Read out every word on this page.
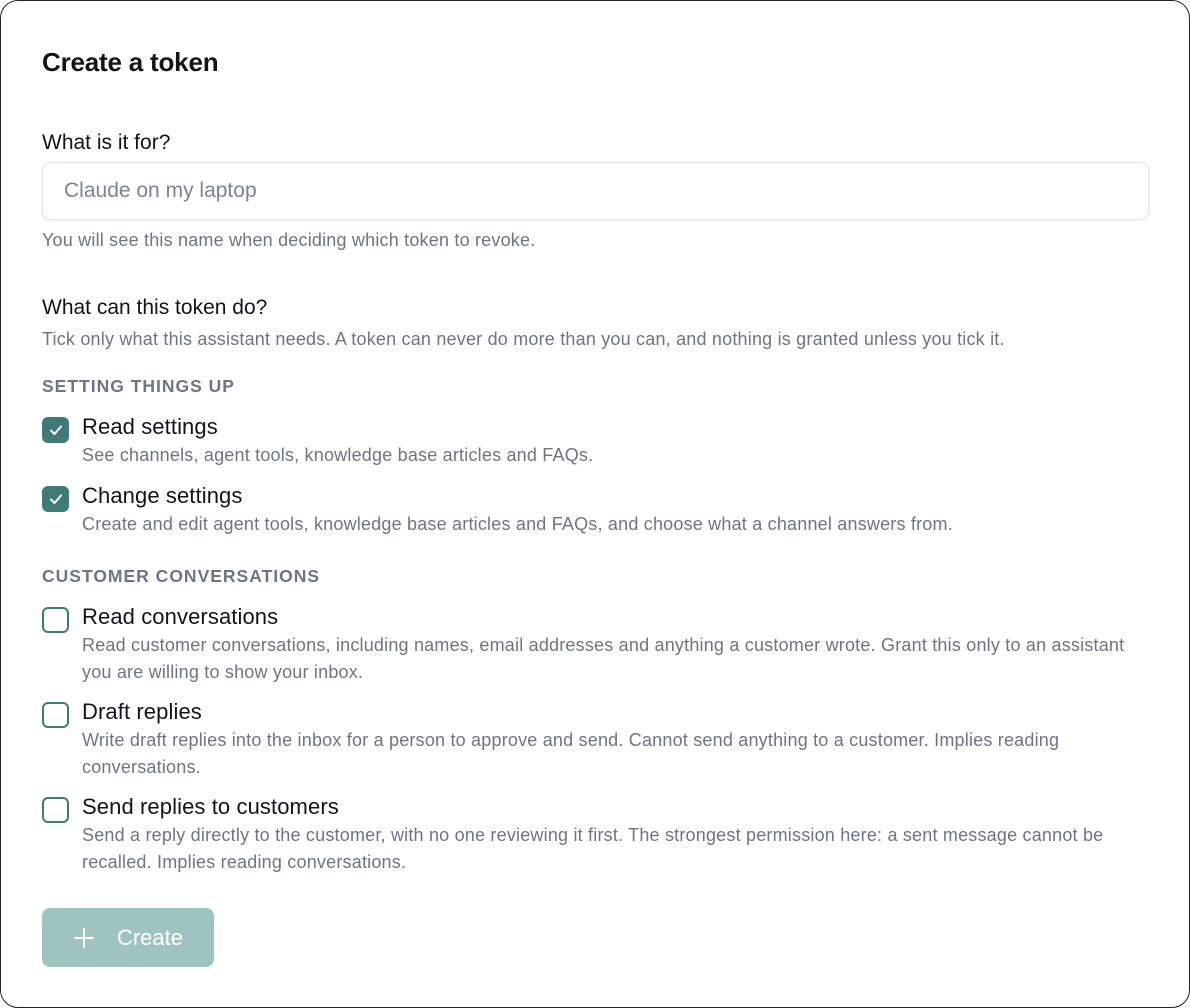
Create a token
What is it for?
Claude on my laptop
You will see this name when deciding which token to revoke.
What can this token do?
Tick only what this assistant needs. A token can never do more than you can, and nothing is granted unless you tick it.
SETTING THINGS UP
Read settings
See channels, agent tools, knowledge base articles and FAQs.
Change settings
Create and edit agent tools, knowledge base articles and FAQs, and choose what a channel answers from.
CUSTOMER CONVERSATIONS
Read conversations
Read customer conversations, including names, email addresses and anything a customer wrote. Grant this only to an assistant you are willing to show your inbox.
Draft replies
Write draft replies into the inbox for a person to approve and send. Cannot send anything to a customer. Implies reading conversations.
Send replies to customers
Send a reply directly to the customer, with no one reviewing it first. The strongest permission here: a sent message cannot be recalled. Implies reading conversations.
Create
